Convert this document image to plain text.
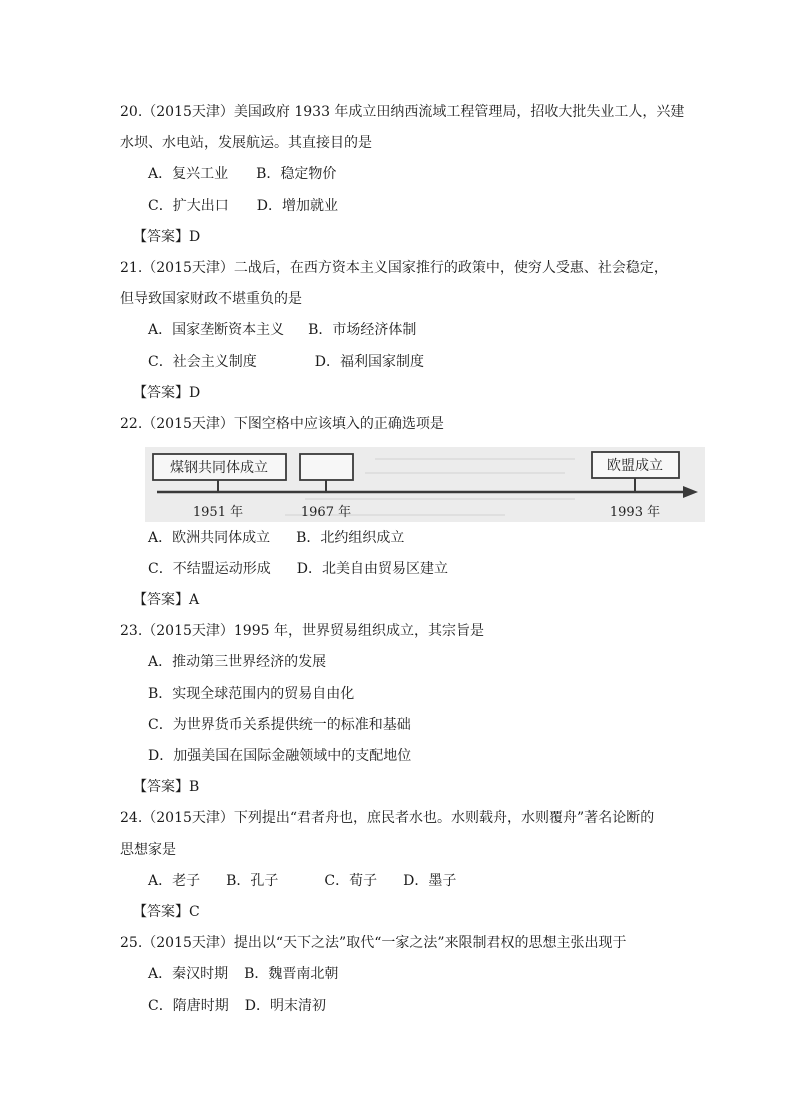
20.（2015天津）美国政府 1933 年成立田纳西流域工程管理局，招收大批失业工人，兴建
水坝、水电站，发展航运。其直接目的是
A．复兴工业 B．稳定物价
C．扩大出口 D．增加就业
【答案】D
21.（2015天津）二战后，在西方资本主义国家推行的政策中，使穷人受惠、社会稳定，
但导致国家财政不堪重负的是
A．国家垄断资本主义 B．市场经济体制
C．社会主义制度	D．福利国家制度
【答案】D
22.（2015天津）下图空格中应该填入的正确选项是
煤钢共同体成立	欧盟成立
1951 年	1967 年	1993 年
A．欧洲共同体成立 B．北约组织成立
C．不结盟运动形成 D．北美自由贸易区建立
【答案】A
23.（2015天津）1995 年，世界贸易组织成立，其宗旨是
A．推动第三世界经济的发展
B．实现全球范围内的贸易自由化
C．为世界货币关系提供统一的标准和基础
D．加强美国在国际金融领域中的支配地位
【答案】B
24.（2015天津）下列提出“君者舟也，庶民者水也。水则载舟，水则覆舟”著名论断的
思想家是
A．老子 B．孔子	C．荀子 D．墨子
【答案】C
25.（2015天津）提出以“天下之法”取代“一家之法”来限制君权的思想主张出现于
A．秦汉时期 B．魏晋南北朝
C．隋唐时期 D．明末清初
